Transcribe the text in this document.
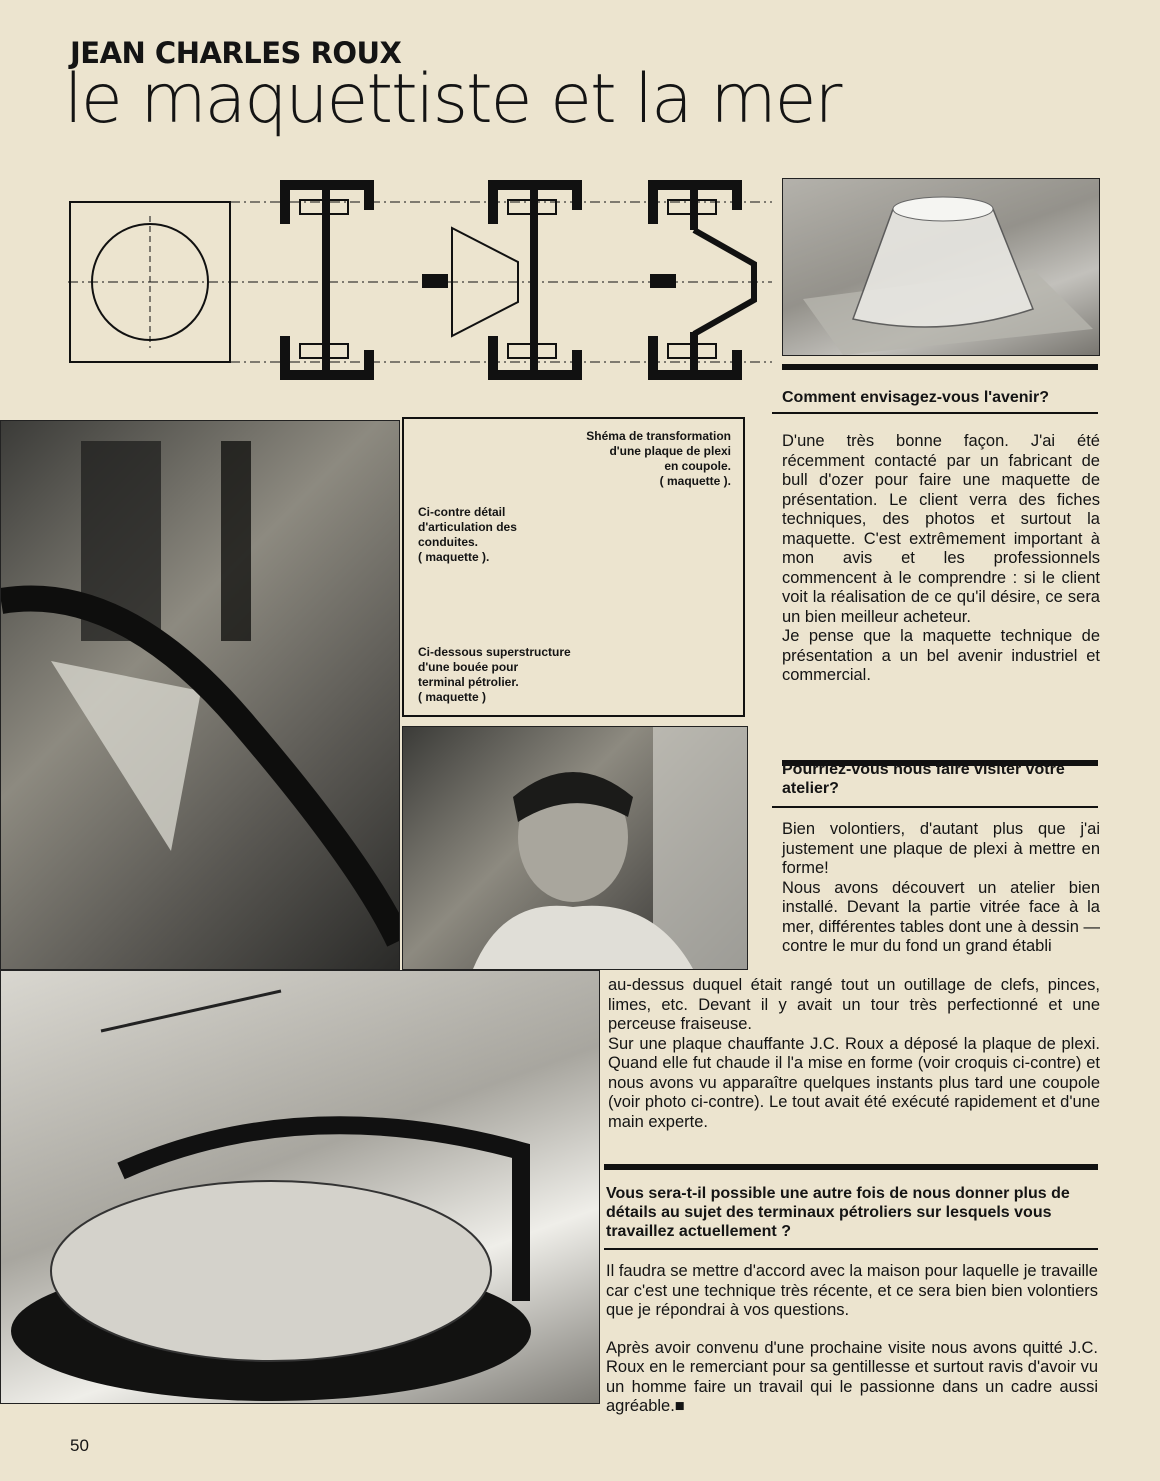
JEAN CHARLES ROUX
le maquettiste et la mer
Shéma de transformation
d'une plaque de plexi
en coupole.
( maquette ).
Ci-contre détail
d'articulation des
conduites.
( maquette ).
Ci-dessous superstructure
d'une bouée pour
terminal pétrolier.
( maquette )
Comment envisagez-vous l'avenir?

D'une très bonne façon. J'ai été récemment contacté par un fabricant de bull d'ozer pour faire une maquette de présentation. Le client verra des fiches techniques, des photos et surtout la maquette. C'est extrêmement important à mon avis et les professionnels commencent à le comprendre : si le client voit la réalisation de ce qu'il désire, ce sera un bien meilleur acheteur.

Je pense que la maquette technique de présentation a un bel avenir industriel et commercial.

Pourriez-vous nous faire visiter votre atelier?

Bien volontiers, d'autant plus que j'ai justement une plaque de plexi à mettre en forme!

Nous avons découvert un atelier bien installé. Devant la partie vitrée face à la mer, différentes tables dont une à dessin — contre le mur du fond un grand établi

au-dessus duquel était rangé tout un outillage de clefs, pinces, limes, etc. Devant il y avait un tour très perfectionné et une perceuse fraiseuse.

Sur une plaque chauffante J.C. Roux a déposé la plaque de plexi. Quand elle fut chaude il l'a mise en forme (voir croquis ci-contre) et nous avons vu apparaître quelques instants plus tard une coupole (voir photo ci-contre). Le tout avait été exécuté rapidement et d'une main experte.

Vous sera-t-il possible une autre fois de nous donner plus de détails au sujet des terminaux pétroliers sur lesquels vous travaillez actuellement ?

Il faudra se mettre d'accord avec la maison pour laquelle je travaille car c'est une technique très récente, et ce sera bien bien volontiers que je répondrai à vos questions.

Après avoir convenu d'une prochaine visite nous avons quitté J.C. Roux en le remerciant pour sa gentillesse et surtout ravis d'avoir vu un homme faire un travail qui le passionne dans un cadre aussi agréable.■

50
